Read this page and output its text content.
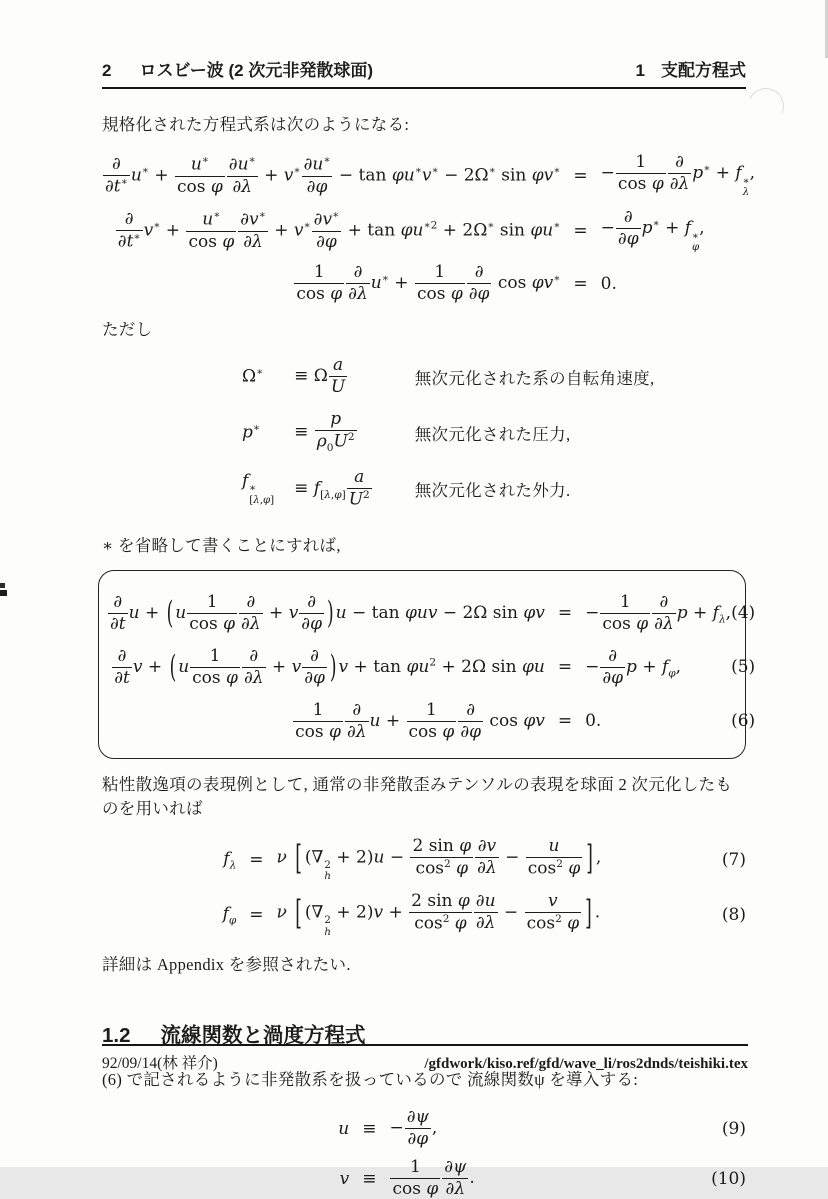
2 ロスビー波 (2 次元非発散球面)	1 支配方程式

規格化された方程式系は次のようになる:

∂
∂t∗ $u^∗ + \frac{u^∗}{\text{cos φ}} \frac{\partial u^∗}{\partial\lambda} + v^∗ \frac{\partial u^∗}{\partial\varphi} - \tan \varphi u^∗v^∗ - 2\Omega^∗$ sin φv∗ = − $\frac{1}{\text{cos φ}}$ ∂
∂λ
p∗ + f ∗
λ
,
∂
∂t∗ $v^∗ + \frac{u^∗}{\text{cos φ}} \frac{\partial v^∗}{\partial\lambda} + v^∗ \frac{\partial v^∗}{\partial\varphi} + \tan \varphi u^{∗2} + 2\Omega^∗$ sin φu∗ = −
∂
∂φ
p∗ + f ∗
φ
,
$\frac{1}{\text{cos φ}}$ ∂
∂λ
$u^∗ + \frac{1}{\text{cos φ}}$ ∂
∂φ
cos φv∗ = 0.

ただし

Ω∗	≡ Ω $\frac{a}{U}$	無次元化された系の自転角速度,
p∗	≡ $\frac{p}{\rho_0U^2}$	無次元化された圧力,
f ∗
[λ,φ]
≡ $f_{[\lambda,\varphi]} \frac{a}{U^2}$	無次元化された外力.

∗ を省略して書くことにすれば,

∂
∂t
u + ( u $\frac{1}{\text{cos φ}}$ ∂
∂λ
+ v
∂
∂φ ) u − tan φuv − 2Ω sin φv = − $\frac{1}{\text{cos φ}}$ ∂
∂λ
$p + f_\lambda$, (4)
∂
∂t
v + ( u $\frac{1}{\text{cos φ}}$ ∂
∂λ
+ v
∂
∂φ ) $v + \tan \varphi u^2 + 2\Omega$ sin φu = −
∂
∂φ
$p + f_\varphi$,	(5)
$\frac{1}{\text{cos φ}}$ ∂
∂λ
$u + \frac{1}{\text{cos φ}}$ ∂
∂φ
cos φv = 0.	(6)

粘性散逸項の表現例として, 通常の非発散歪みテンソルの表現を球面 2 次元化したものを用いれば

$f_\lambda = \nu$ [ (∇ 2
h
+ $2)u - \frac{\text{2 sin φ}}{\cos^2 \varphi} \frac{\partial v}{\partial\lambda} - \frac{u}{\cos^2 \varphi}$ ] ,	(7)
$f_\varphi = \nu$ [ (∇ 2
h
+ $2)v + \frac{\text{2 sin φ}}{\cos^2 \varphi} \frac{\partial u}{\partial\lambda} - \frac{v}{\cos^2 \varphi}$ ] .	(8)

詳細は Appendix を参照されたい.

1.2 流線関数と渦度方程式

(6) で記されるように非発散系を扱っているので 流線関数ψ を導入する:

u ≡ − $\frac{\partial\psi}{\partial\varphi}$ ,	(9)
$v \equiv \frac{1}{\text{cos φ}} \frac{\partial\psi}{\partial\lambda}$ .	(10)
92/09/14(林 祥介)	/gfdwork/kiso.ref/gfd/wave_li/ros2dnds/teishiki.tex
